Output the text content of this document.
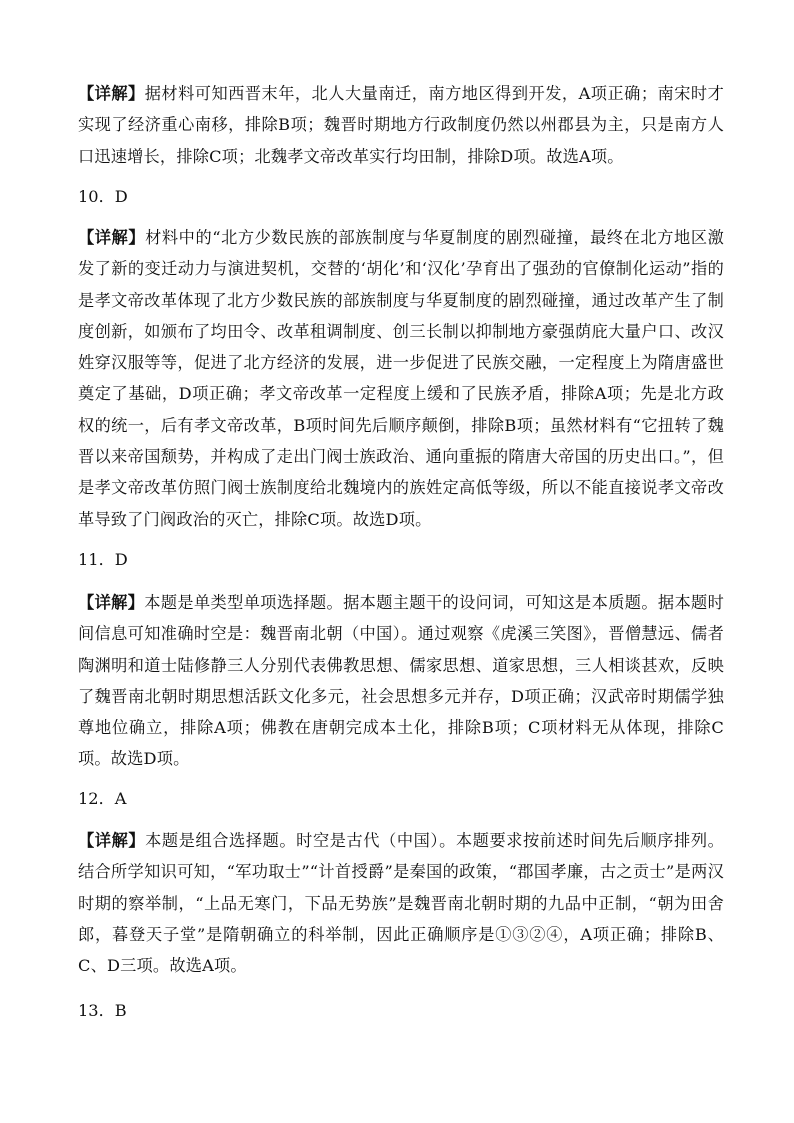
【详解】据材料可知西晋末年，北人大量南迁，南方地区得到开发，A项正确；南宋时才实现了经济重心南移，排除B项；魏晋时期地方行政制度仍然以州郡县为主，只是南方人口迅速增长，排除C项；北魏孝文帝改革实行均田制，排除D项。故选A项。

10．D

【详解】材料中的“北方少数民族的部族制度与华夏制度的剧烈碰撞，最终在北方地区激发了新的变迁动力与演进契机，交替的‘胡化’和‘汉化’孕育出了强劲的官僚制化运动”指的是孝文帝改革体现了北方少数民族的部族制度与华夏制度的剧烈碰撞，通过改革产生了制度创新，如颁布了均田令、改革租调制度、创三长制以抑制地方豪强荫庇大量户口、改汉姓穿汉服等等，促进了北方经济的发展，进一步促进了民族交融，一定程度上为隋唐盛世奠定了基础，D项正确；孝文帝改革一定程度上缓和了民族矛盾，排除A项；先是北方政权的统一，后有孝文帝改革，B项时间先后顺序颠倒，排除B项；虽然材料有“它扭转了魏晋以来帝国颓势，并构成了走出门阀士族政治、通向重振的隋唐大帝国的历史出口。”，但是孝文帝改革仿照门阀士族制度给北魏境内的族姓定高低等级，所以不能直接说孝文帝改革导致了门阀政治的灭亡，排除C项。故选D项。

11．D

【详解】本题是单类型单项选择题。据本题主题干的设问词，可知这是本质题。据本题时间信息可知准确时空是：魏晋南北朝（中国）。通过观察《虎溪三笑图》，晋僧慧远、儒者陶渊明和道士陆修静三人分别代表佛教思想、儒家思想、道家思想，三人相谈甚欢，反映了魏晋南北朝时期思想活跃文化多元，社会思想多元并存，D项正确；汉武帝时期儒学独尊地位确立，排除A项；佛教在唐朝完成本土化，排除B项；C项材料无从体现，排除C项。故选D项。

12．A

【详解】本题是组合选择题。时空是古代（中国）。本题要求按前述时间先后顺序排列。结合所学知识可知，“军功取士”“计首授爵”是秦国的政策，“郡国孝廉，古之贡士”是两汉时期的察举制，“上品无寒门，下品无势族”是魏晋南北朝时期的九品中正制，“朝为田舍郎，暮登天子堂”是隋朝确立的科举制，因此正确顺序是①③②④，A项正确；排除B、C、D三项。故选A项。

13．B
